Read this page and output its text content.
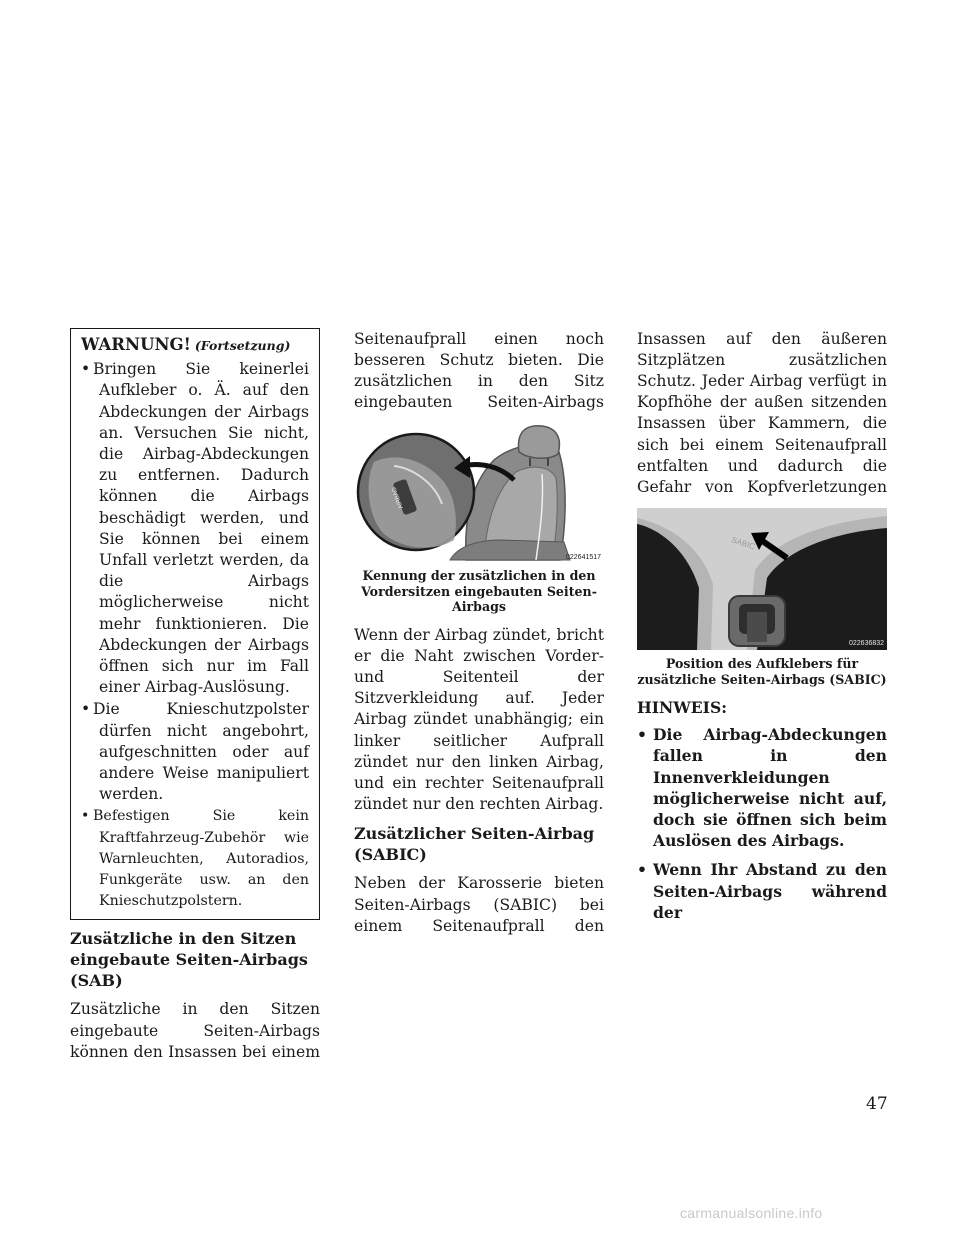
WARNUNG! (Fortsetzung)
• Bringen Sie keinerlei Aufkleber o. Ä. auf den Abdeckungen der Airbags an. Versuchen Sie nicht, die Airbag-Abdeckungen zu entfernen. Dadurch können die Airbags beschädigt werden, und Sie können bei einem Unfall verletzt werden, da die Airbags möglicherweise nicht mehr funktionieren. Die Abdeckungen der Airbags öffnen sich nur im Fall einer Airbag-Auslösung.
• Die Knieschutzpolster dürfen nicht angebohrt, aufgeschnitten oder auf andere Weise manipuliert werden.
• Befestigen Sie kein Kraftfahrzeug-Zubehör wie Warnleuchten, Autoradios, Funkgeräte usw. an den Knieschutzpolstern.
Zusätzliche in den Sitzen eingebaute Seiten-Airbags (SAB)

Zusätzliche in den Sitzen eingebaute Seiten-Airbags können den Insassen bei einem

Seitenaufprall einen noch besseren Schutz bieten. Die zusätzlichen in den Sitz eingebauten Seiten-Airbags

AIRBAG
022641517
Kennung der zusätzlichen in den Vordersitzen eingebauten Seiten-Airbags

Wenn der Airbag zündet, bricht er die Naht zwischen Vorder- und Seitenteil der Sitzverkleidung auf. Jeder Airbag zündet unabhängig; ein linker seitlicher Aufprall zündet nur den linken Airbag, und ein rechter Seitenaufprall zündet nur den rechten Airbag.

Zusätzlicher Seiten-Airbag (SABIC)

Neben der Karosserie bieten Seiten-Airbags (SABIC) bei einem Seitenaufprall den

Insassen auf den äußeren Sitzplätzen zusätzlichen Schutz. Jeder Airbag verfügt in Kopfhöhe der außen sitzenden Insassen über Kammern, die sich bei einem Seitenaufprall entfalten und dadurch die Gefahr von Kopfverletzungen

SABIC
022636832
Position des Aufklebers für zusätzliche Seiten-Airbags (SABIC)
HINWEIS:
• Die Airbag-Abdeckungen fallen in den Innenverkleidungen möglicherweise nicht auf, doch sie öffnen sich beim Auslösen des Airbags.
• Wenn Ihr Abstand zu den Seiten-Airbags während der
47
carmanualsonline.info
